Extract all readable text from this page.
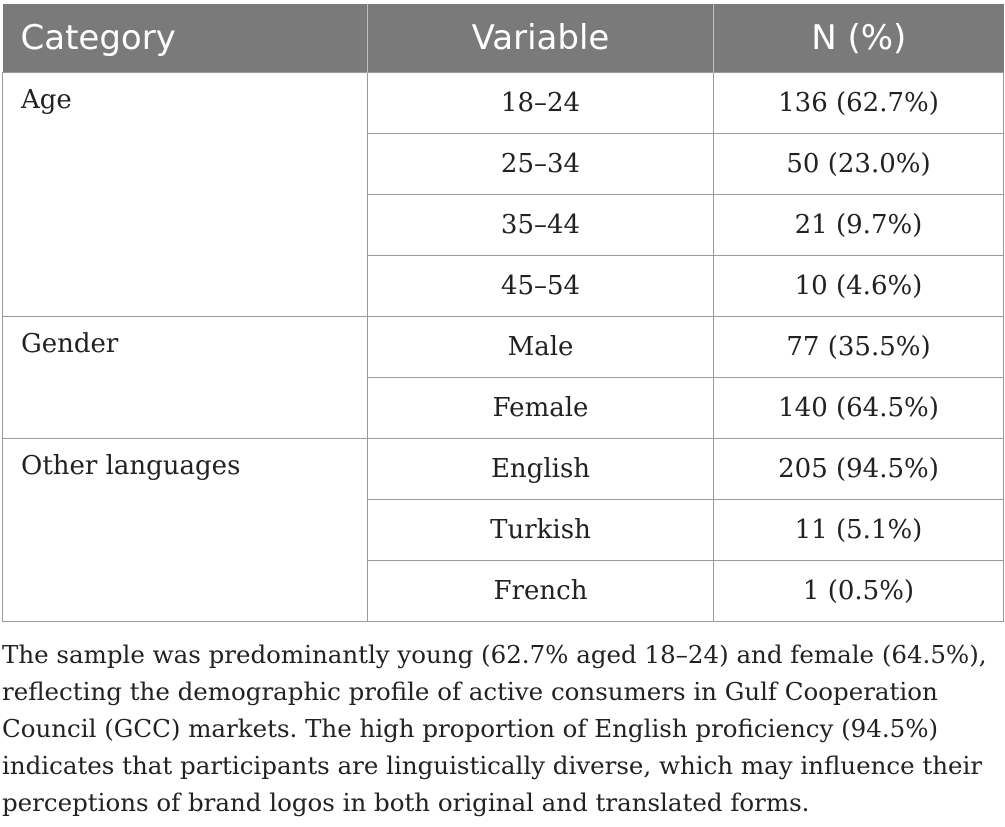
Category	Variable	N (%)
Age	18–24	136 (62.7%)
	25–34	50 (23.0%)
	35–44	21 (9.7%)
	45–54	10 (4.6%)
Gender	Male	77 (35.5%)
	Female	140 (64.5%)
Other languages	English	205 (94.5%)
	Turkish	11 (5.1%)
	French	1 (0.5%)

The sample was predominantly young (62.7% aged 18–24) and female (64.5%), reflecting the demographic profile of active consumers in Gulf Cooperation Council (GCC) markets. The high proportion of English proficiency (94.5%) indicates that participants are linguistically diverse, which may influence their perceptions of brand logos in both original and translated forms.
